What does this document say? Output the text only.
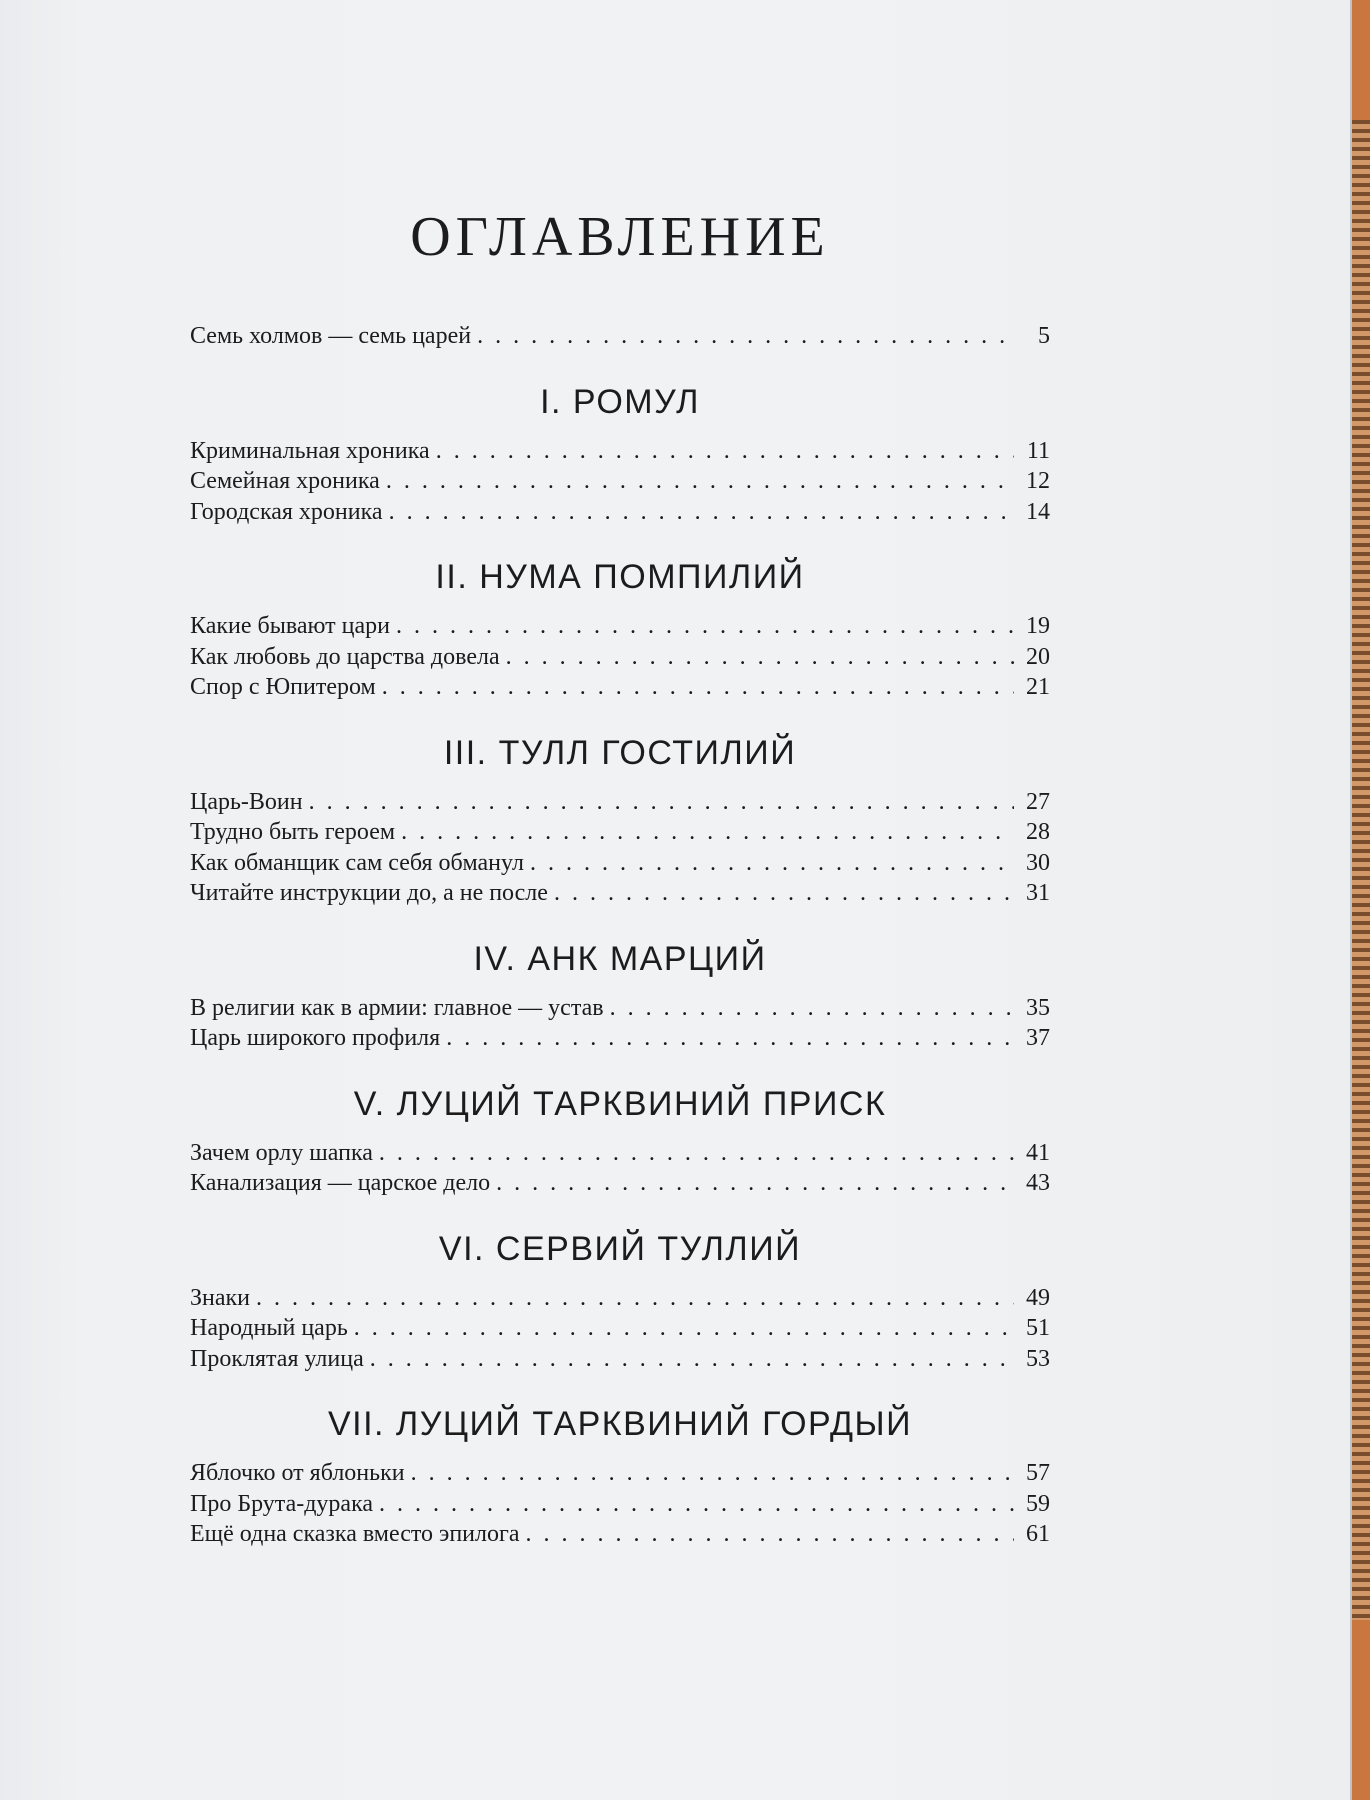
ОГЛАВЛЕНИЕ
Семь холмов — семь царей . . .	5
I. РОМУЛ
Криминальная хроника . . .	11
Семейная хроника . . .	12
Городская хроника . . .	14
II. НУМА ПОМПИЛИЙ
Какие бывают цари . . .	19
Как любовь до царства довела . . .	20
Спор с Юпитером . . .	21
III. ТУЛЛ ГОСТИЛИЙ
Царь-Воин . . .	27
Трудно быть героем . . .	28
Как обманщик сам себя обманул . . .	30
Читайте инструкции до, а не после . . .	31
IV. АНК МАРЦИЙ
В религии как в армии: главное — устав . . .	35
Царь широкого профиля . . .	37
V. ЛУЦИЙ ТАРКВИНИЙ ПРИСК
Зачем орлу шапка . . .	41
Канализация — царское дело . . .	43
VI. СЕРВИЙ ТУЛЛИЙ
Знаки . . .	49
Народный царь . . .	51
Проклятая улица . . .	53
VII. ЛУЦИЙ ТАРКВИНИЙ ГОРДЫЙ
Яблочко от яблоньки . . .	57
Про Брута-дурака . . .	59
Ещё одна сказка вместо эпилога . . .	61
